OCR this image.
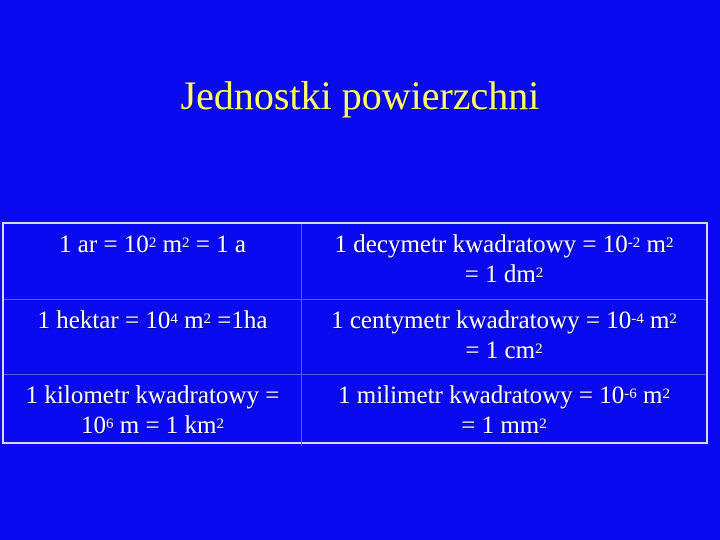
Jednostki powierzchni
1 ar = $10^2$ $m^2 = 1$ a	1 decymetr kwadratowy = $10^{-2}$ $m^2$
= 1 $dm^2$
1 hektar = $10^4$ $m^2 =1ha$	1 centymetr kwadratowy = $10^{-4}$ $m^2$
= 1 $cm^2$
1 kilometr kwadratowy =
$10^6$ m = 1 $km^2$
1 milimetr kwadratowy = $10^{-6}$ $m^2$
= 1 $mm^2$
